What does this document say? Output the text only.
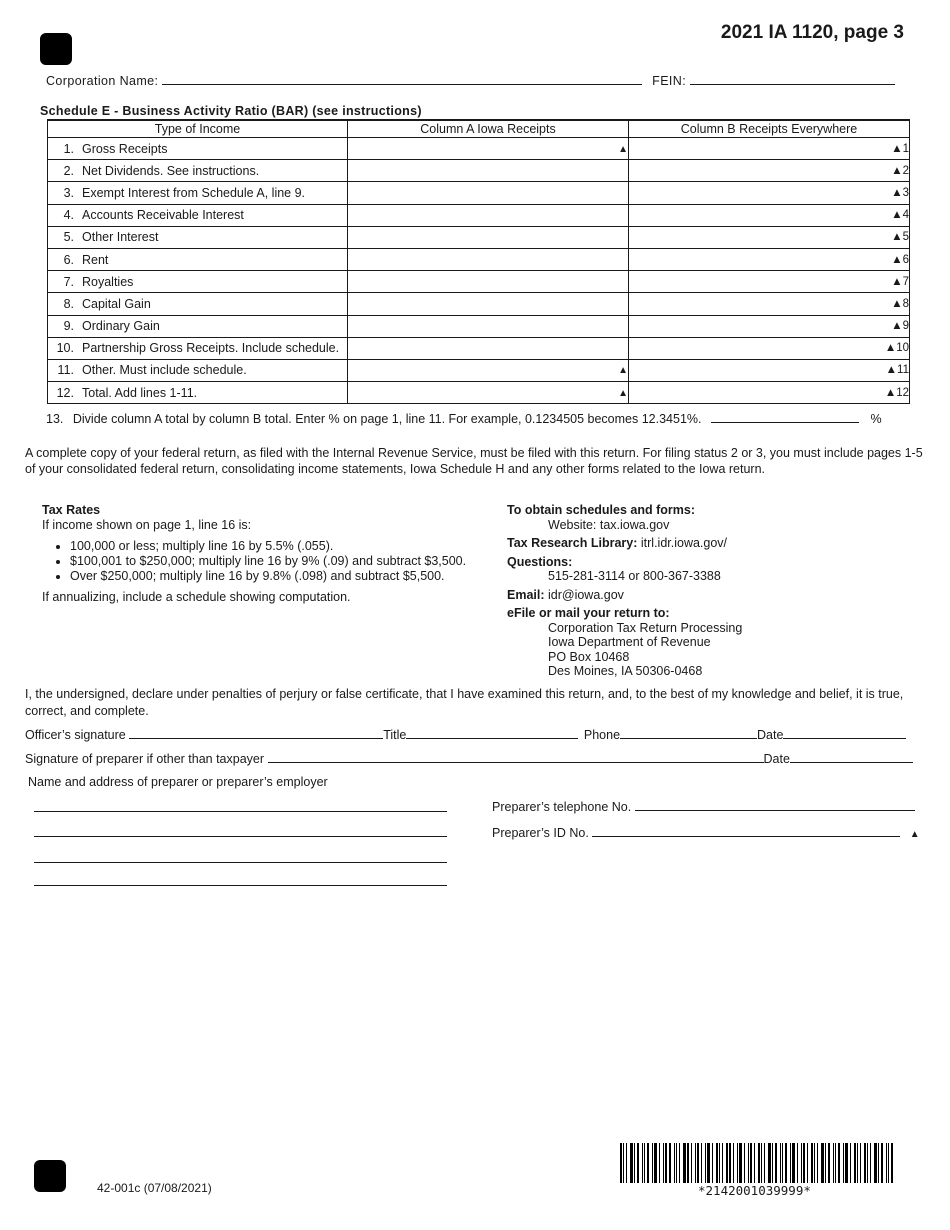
2021 IA 1120, page 3
Corporation Name:	FEIN:
Schedule E - Business Activity Ratio (BAR) (see instructions)
Type of Income	Column A Iowa Receipts	Column B Receipts Everywhere
1. Gross Receipts	▲	▲1
2. Net Dividends. See instructions.		▲2
3. Exempt Interest from Schedule A, line 9.		▲3
4. Accounts Receivable Interest		▲4
5. Other Interest		▲5
6. Rent		▲6
7. Royalties		▲7
8. Capital Gain		▲8
9. Ordinary Gain		▲9
10. Partnership Gross Receipts. Include schedule.		▲10
11. Other. Must include schedule.	▲	▲11
12. Total. Add lines 1-11.	▲	▲12
13. Divide column A total by column B total. Enter % on page 1, line 11. For example, 0.1234505 becomes 12.3451%.	%

A complete copy of your federal return, as filed with the Internal Revenue Service, must be filed with this return. For filing status 2 or 3, you must include pages 1-5 of your consolidated federal return, consolidating income statements, Iowa Schedule H and any other forms related to the Iowa return.

Tax Rates
If income shown on page 1, line 16 is:
• 100,000 or less; multiply line 16 by 5.5% (.055).
• $100,001 to $250,000; multiply line 16 by 9% (.09) and subtract $3,500.
• Over $250,000; multiply line 16 by 9.8% (.098) and subtract $5,500.
If annualizing, include a schedule showing computation.
To obtain schedules and forms:
Website: tax.iowa.gov
Tax Research Library: itrl.idr.iowa.gov/
Questions:
515-281-3114 or 800-367-3388
Email: idr@iowa.gov
eFile or mail your return to:
Corporation Tax Return Processing
Iowa Department of Revenue
PO Box 10468
Des Moines, IA 50306-0468

I, the undersigned, declare under penalties of perjury or false certificate, that I have examined this return, and, to the best of my knowledge and belief, it is true, correct, and complete.

Officer’s signature	Title	Phone	Date
Signature of preparer if other than taxpayer	Date
Name and address of preparer or preparer’s employer
Preparer’s telephone No.
Preparer’s ID No.	▲
42-001c (07/08/2021)	*2142001039999*
